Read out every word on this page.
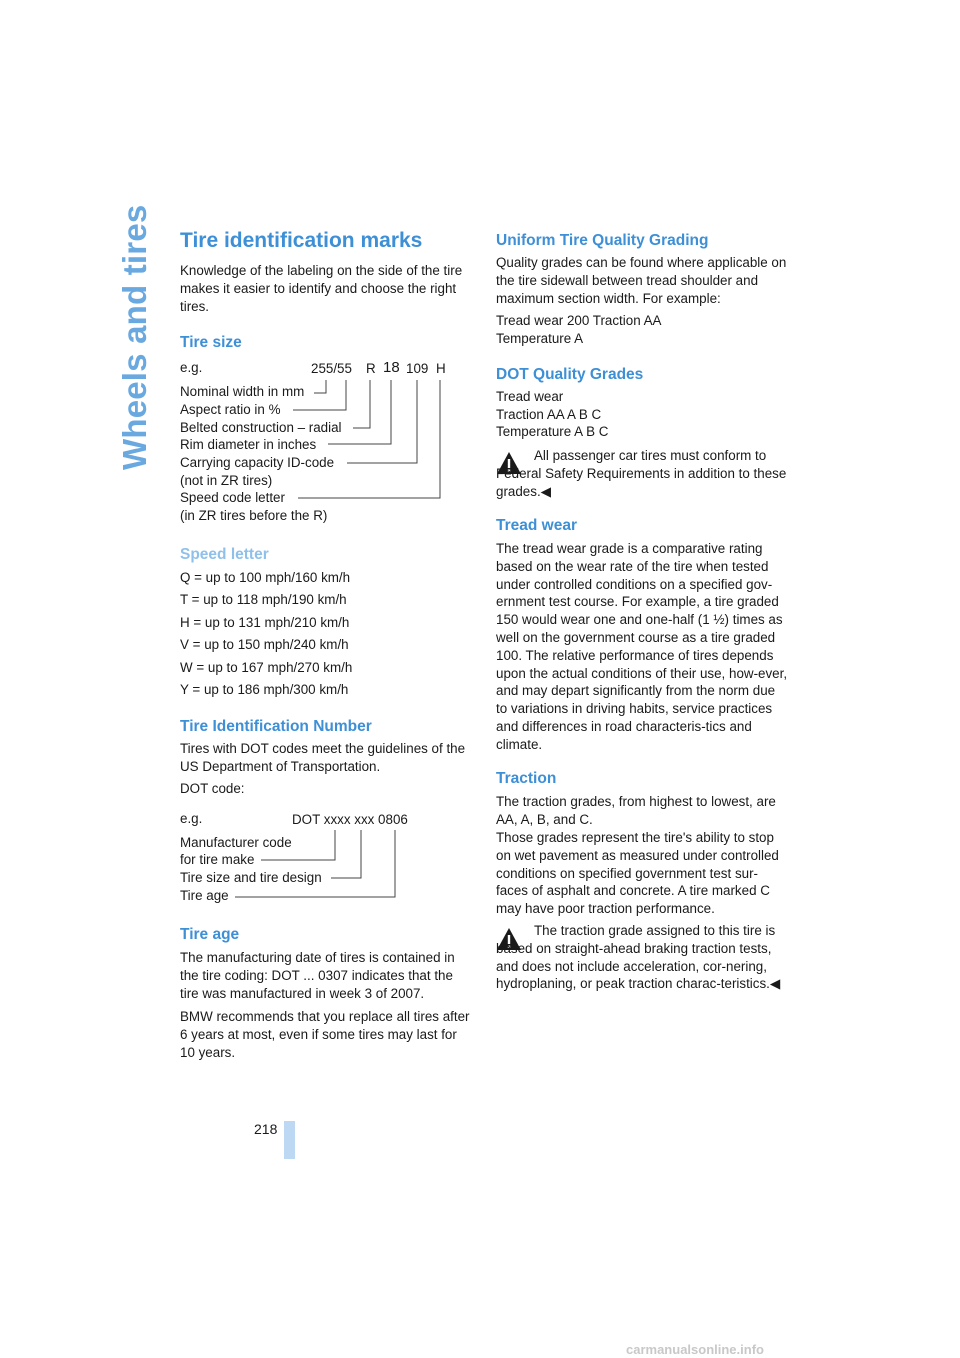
Wheels and tires Tire identification marks

Knowledge of the labeling on the side of the tire makes it easier to identify and choose the right tires.

Tire size
e.g.	255/55 R 18 109 H
Nominal width in mm
Aspect ratio in %
Belted construction – radial
Rim diameter in inches
Carrying capacity ID-code
(not in ZR tires)
Speed code letter
(in ZR tires before the R)
Speed letter
Q = up to 100 mph/160 km/h
T = up to 118 mph/190 km/h
H = up to 131 mph/210 km/h
V = up to 150 mph/240 km/h
W = up to 167 mph/270 km/h
Y = up to 186 mph/300 km/h
Tire Identification Number

Tires with DOT codes meet the guidelines of the US Department of Transportation.

DOT code:
e.g.	DOT xxxx xxx 0806
Manufacturer code
for tire make
Tire size and tire design
Tire age
Tire age

The manufacturing date of tires is contained in the tire coding: DOT ... 0307 indicates that the tire was manufactured in week 3 of 2007.

BMW recommends that you replace all tires after 6 years at most, even if some tires may last for 10 years.

Uniform Tire Quality Grading

Quality grades can be found where applicable on the tire sidewall between tread shoulder and maximum section width. For example:

Tread wear 200 Traction AA
Temperature A
DOT Quality Grades
Tread wear
Traction AA A B C
Temperature A B C

All passenger car tires must conform to Federal Safety Requirements in addition to these grades.◀

Tread wear

The tread wear grade is a comparative rating based on the wear rate of the tire when tested under controlled conditions on a specified gov-ernment test course. For example, a tire graded 150 would wear one and one-half (1 ½) times as well on the government course as a tire graded 100. The relative performance of tires depends upon the actual conditions of their use, how-ever, and may depart significantly from the norm due to variations in driving habits, service practices and differences in road characteris-tics and climate.

Traction

The traction grades, from highest to lowest, are AA, A, B, and C.

Those grades represent the tire's ability to stop on wet pavement as measured under controlled conditions on specified government test sur-faces of asphalt and concrete. A tire marked C may have poor traction performance.

The traction grade assigned to this tire is based on straight-ahead braking traction tests, and does not include acceleration, cor-nering, hydroplaning, or peak traction charac-teristics.◀

218
carmanualsonline.info
